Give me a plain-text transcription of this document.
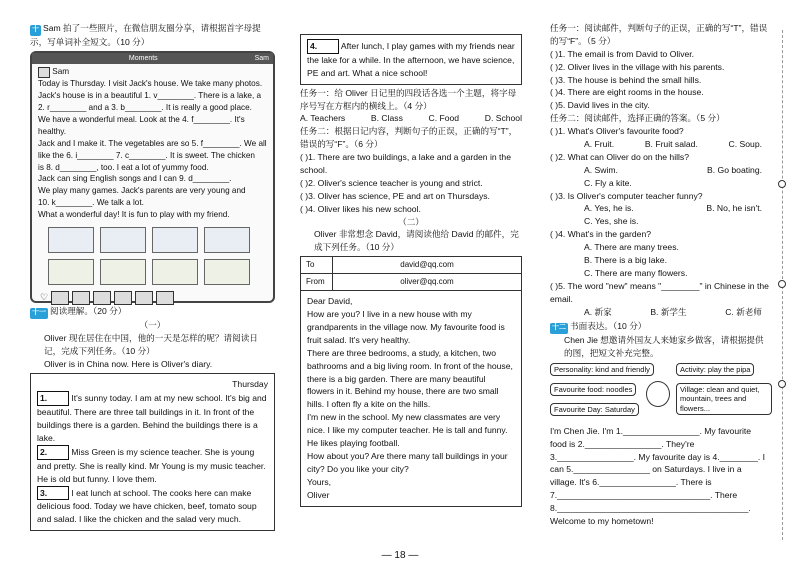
十 Sam 拍了一些照片，在微信朋友圈分享，请根据首字母提示，写单词补全短文。（10 分）

Moments	Sam
Sam
Today is Thursday. I visit Jack's house. We take many photos.
Jack's house is in a beautiful 1. v________. There is a lake, a
2. r________ and a 3. b________. It is really a good place.
We have a wonderful meal. Look at the 4. f________. It's healthy.
Jack and I make it. The vegetables are so 5. f________. We all
like the 6. i________ 7. c________. It is sweet. The chicken
is 8. d________, too. I eat a lot of yummy food.
Jack can sing English songs and I can 9. d________.
We play many games. Jack's parents are very young and
10. k________. We talk a lot.
What a wonderful day! It is fun to play with my friend.
♡

十一 阅读理解。（20 分）

（一）

Oliver 现在居住在中国，他的一天是怎样的呢？请阅读日记，完成下列任务。（10 分）

Oliver is in China now. Here is Oliver's diary.

Thursday

1.	It's sunny today. I am at my new school. It's big and beautiful. There are three tall buildings in it. In front of the buildings there is a garden. Behind the buildings there is a lake.

2.	Miss Green is my science teacher. She is young and pretty. She is really kind. Mr Young is my music teacher. He is old but funny. I love them.

3.	I eat lunch at school. The cooks here can make delicious food. Today we have chicken, beef, tomato soup and salad. I like the chicken and the salad very much.

4.	After lunch, I play games with my friends near the lake for a while. In the afternoon, we have science, PE and art. What a nice school!

任务一：给 Oliver 日记里的四段话各选一个主题，将字母序号写在方框内的横线上。（4 分）

A. Teachers	B. Class	C. Food	D. School

任务二：根据日记内容，判断句子的正误，正确的写“T”，错误的写“F”。（6 分）

( )1. There are two buildings, a lake and a garden in the school.

( )2. Oliver's science teacher is young and strict.

( )3. Oliver has science, PE and art on Thursdays.

( )4. Oliver likes his new school.

（二）

Oliver 非常想念 David，请阅读他给 David 的邮件，完成下列任务。（10 分）

To	david@qq.com
From	oliver@qq.com

Dear David,

How are you? I live in a new house with my grandparents in the village now. My favourite food is fruit salad. It's very healthy.

There are three bedrooms, a study, a kitchen, two bathrooms and a big living room. In front of the house, there is a big garden. There are many beautiful flowers in it. Behind my house, there are two small hills. I often fly a kite on the hills.

I'm new in the school. My new classmates are very nice. I like my computer teacher. He is tall and funny. He likes playing football.

How about you? Are there many tall buildings in your city? Do you like your city?

Yours,

Oliver

任务一：阅读邮件，判断句子的正误，正确的写“T”，错误的写“F”。（5 分）

( )1. The email is from David to Oliver.

( )2. Oliver lives in the village with his parents.

( )3. The house is behind the small hills.

( )4. There are eight rooms in the house.

( )5. David lives in the city.

任务二：阅读邮件，选择正确的答案。（5 分）

( )1. What's Oliver's favourite food?

A. Fruit.	B. Fruit salad.	C. Soup.

( )2. What can Oliver do on the hills?

A. Swim.	B. Go boating.

C. Fly a kite.

( )3. Is Oliver's computer teacher funny?

A. Yes, he is.	B. No, he isn't.

C. Yes, she is.

( )4. What's in the garden?

A. There are many trees.

B. There is a big lake.

C. There are many flowers.

( )5. The word "new" means "________" in Chinese in the email.

A. 新家	B. 新学生	C. 新老师

十二 书面表达。（10 分）

Chen Jie 想邀请外国友人来她家乡做客，请根据提供的图，把短文补充完整。

Personality: kind and friendly
Favourite food: noodles
Favourite Day: Saturday
Activity: play the pipa
Village: clean and quiet, mountain, trees and flowers...

I'm Chen Jie. I'm 1.________________. My favourite

food is 2.________________. They're

3.________________. My favourite day is 4.________. I

can 5.________________ on Saturdays. I live in a

village. It's 6.________________. There is

7.________________________________. There

8.________________________________________.

Welcome to my hometown!

— 18 —
